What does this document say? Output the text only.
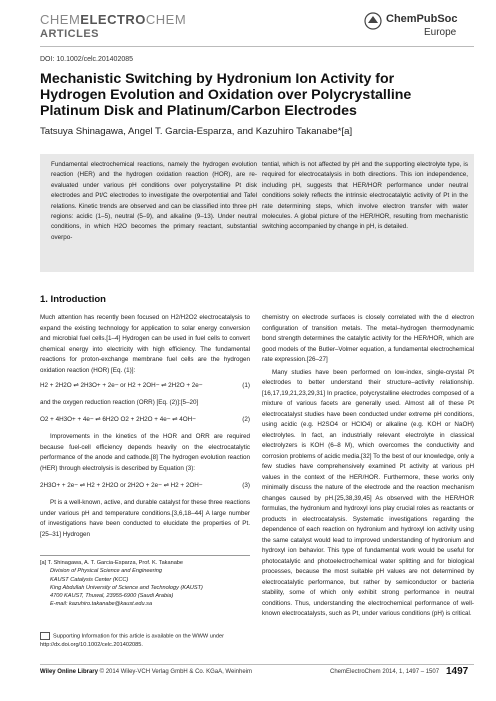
CHEMELECTROCHEM
ARTICLES
ChemPubSoc
Europe
DOI: 10.1002/celc.201402085
Mechanistic Switching by Hydronium Ion Activity for Hydrogen Evolution and Oxidation over Polycrystalline Platinum Disk and Platinum/Carbon Electrodes
Tatsuya Shinagawa, Angel T. Garcia-Esparza, and Kazuhiro Takanabe*[a]
Fundamental electrochemical reactions, namely the hydrogen evolution reaction (HER) and the hydrogen oxidation reaction (HOR), are re-evaluated under various pH conditions over polycrystalline Pt disk electrodes and Pt/C electrodes to investigate the overpotential and Tafel relations. Kinetic trends are observed and can be classified into three pH regions: acidic (1–5), neutral (5–9), and alkaline (9–13). Under neutral conditions, in which H2O becomes the primary reactant, substantial overpo-
tential, which is not affected by pH and the supporting electrolyte type, is required for electrocatalysis in both directions. This ion independence, including pH, suggests that HER/HOR performance under neutral conditions solely reflects the intrinsic electrocatalytic activity of Pt in the rate determining steps, which involve electron transfer with water molecules. A global picture of the HER/HOR, resulting from mechanistic switching accompanied by change in pH, is detailed.
1. Introduction

Much attention has recently been focused on H2/H2O2 electrocatalysis to expand the existing technology for application to solar energy conversion and microbial fuel cells.[1–4] Hydrogen can be used in fuel cells to convert chemical energy into electricity with high efficiency. The fundamental reactions for proton-exchange membrane fuel cells are the hydrogen oxidation reaction (HOR) [Eq. (1)]:

H2 + 2H2O ⇌ 2H3O+ + 2e− or H2 + 2OH− ⇌ 2H2O + 2e−	(1)

and the oxygen reduction reaction (ORR) [Eq. (2)]:[5–20]

O2 + 4H3O+ + 4e− ⇌ 6H2O O2 + 2H2O + 4e− ⇌ 4OH−	(2)

Improvements in the kinetics of the HOR and ORR are required because fuel-cell efficiency depends heavily on the electrocatalytic performance of the anode and cathode.[8] The hydrogen evolution reaction (HER) through electrolysis is described by Equation (3):

2H3O+ + 2e− ⇌ H2 + 2H2O or 2H2O + 2e− ⇌ H2 + 2OH−	(3)

Pt is a well-known, active, and durable catalyst for these three reactions under various pH and temperature conditions.[3,6,18–44] A large number of investigations have been conducted to elucidate the properties of Pt.[25–31] Hydrogen

chemistry on electrode surfaces is closely correlated with the d electron configuration of transition metals. The metal–hydrogen thermodynamic bond strength determines the catalytic activity for the HER/HOR, which are good models of the Butler–Volmer equation, a fundamental electrochemical rate expression.[26–27]

Many studies have been performed on low-index, single-crystal Pt electrodes to better understand their structure–activity relationship.[16,17,19,21,23,29,31] In practice, polycrystalline electrodes composed of a mixture of various facets are generally used. Almost all of these Pt electrocatalyst studies have been conducted under extreme pH conditions, using acidic (e.g. H2SO4 or HClO4) or alkaline (e.g. KOH or NaOH) electrolytes. In fact, an industrially relevant electrolyte in classical electrolyzers is KOH (6–8 M), which overcomes the conductivity and corrosion problems of acidic media.[32] To the best of our knowledge, only a few studies have comprehensively examined Pt activity at various pH values in the context of the HER/HOR. Furthermore, these works only minimally discuss the nature of the electrode and the reaction mechanism changes caused by pH.[25,38,39,45] As observed with the HER/HOR formulas, the hydronium and hydroxyl ions play crucial roles as reactants or products in electrocatalysis. Systematic investigations regarding the dependence of each reaction on hydronium and hydroxyl ion activity using the same catalyst would lead to improved understanding of hydronium and hydroxyl ion behavior. This type of fundamental work would be useful for photocatalytic and photoelectrochemical water splitting and for biological processes, because the most suitable pH values are not determined by electrocatalytic performance, but rather by semiconductor or bacteria stability, some of which only exhibit strong performance in neutral conditions. Thus, understanding the electrochemical performance of well-known electrocatalysts, such as Pt, under various conditions (pH) is critical.

[a] T. Shinagawa, A. T. Garcia-Esparza, Prof. K. Takanabe
Division of Physical Science and Engineering
KAUST Catalysis Center (KCC)
King Abdullah University of Science and Technology (KAUST)
4700 KAUST, Thuwal, 23955-6900 (Saudi Arabia)
E-mail: kazuhiro.takanabe@kaust.edu.sa
Supporting Information for this article is available on the WWW under http://dx.doi.org/10.1002/celc.201402085.
Wiley Online Library © 2014 Wiley-VCH Verlag GmbH & Co. KGaA, Weinheim	ChemElectroChem 2014, 1, 1497 – 1507 1497
